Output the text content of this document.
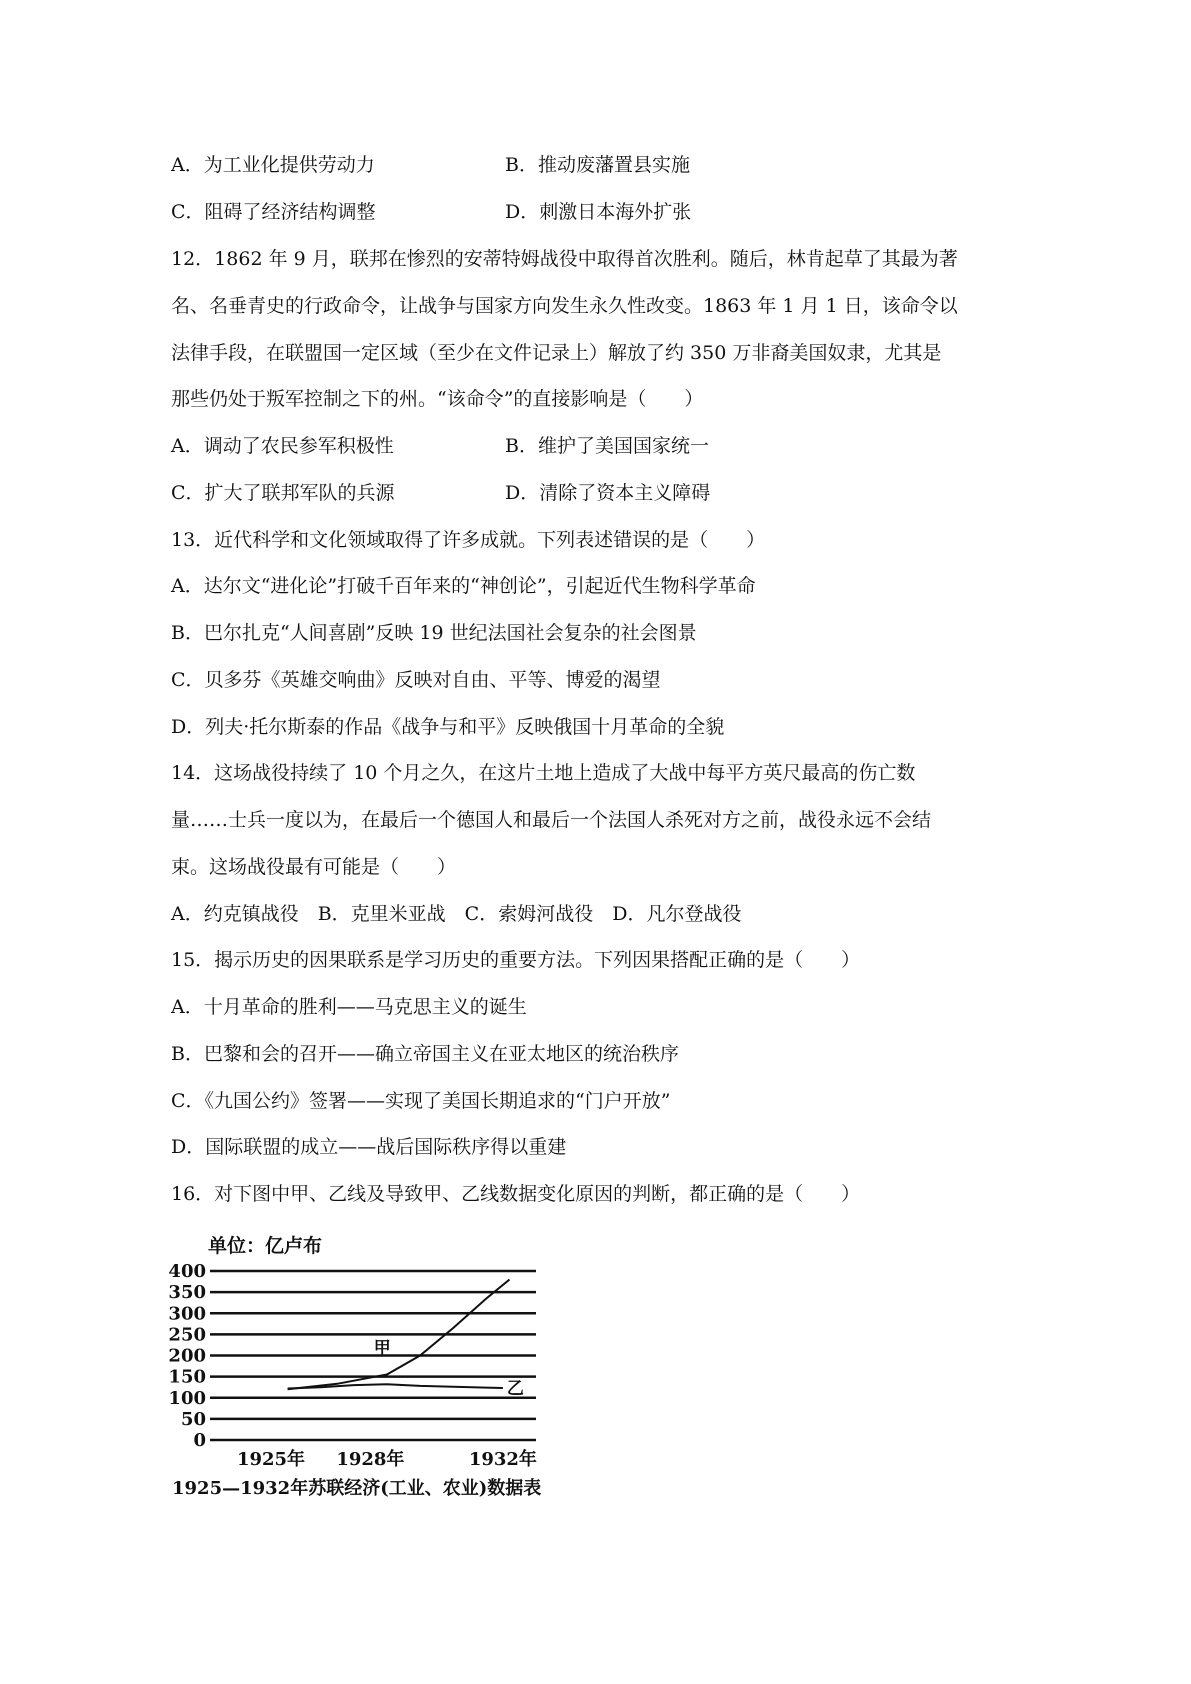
A．为工业化提供劳动力	B．推动废藩置县实施
C．阻碍了经济结构调整	D．刺激日本海外扩张
12．1862 年 9 月，联邦在惨烈的安蒂特姆战役中取得首次胜利。随后，林肯起草了其最为著
名、名垂青史的行政命令，让战争与国家方向发生永久性改变。1863 年 1 月 1 日，该命令以
法律手段，在联盟国一定区域（至少在文件记录上）解放了约 350 万非裔美国奴隶，尤其是
那些仍处于叛军控制之下的州。“该命令”的直接影响是（　　）
A．调动了农民参军积极性	B．维护了美国国家统一
C．扩大了联邦军队的兵源	D．清除了资本主义障碍
13．近代科学和文化领域取得了许多成就。下列表述错误的是（　　）
A．达尔文“进化论”打破千百年来的“神创论”，引起近代生物科学革命
B．巴尔扎克“人间喜剧”反映 19 世纪法国社会复杂的社会图景
C．贝多芬《英雄交响曲》反映对自由、平等、博爱的渴望
D．列夫·托尔斯泰的作品《战争与和平》反映俄国十月革命的全貌
14．这场战役持续了 10 个月之久，在这片土地上造成了大战中每平方英尺最高的伤亡数
量……士兵一度以为，在最后一个德国人和最后一个法国人杀死对方之前，战役永远不会结
束。这场战役最有可能是（　　）
A．约克镇战役　B．克里米亚战　C．索姆河战役　D．凡尔登战役
15．揭示历史的因果联系是学习历史的重要方法。下列因果搭配正确的是（　　）
A．十月革命的胜利——马克思主义的诞生
B．巴黎和会的召开——确立帝国主义在亚太地区的统治秩序
C．《九国公约》签署——实现了美国长期追求的“门户开放”
D．国际联盟的成立——战后国际秩序得以重建
16．对下图中甲、乙线及导致甲、乙线数据变化原因的判断，都正确的是（　　）
400
350
300
250
200
150
100
50
0
1925年 1928年	1932年
甲
乙
单位：亿卢布
1925—1932年苏联经济(工业、农业)数据表
